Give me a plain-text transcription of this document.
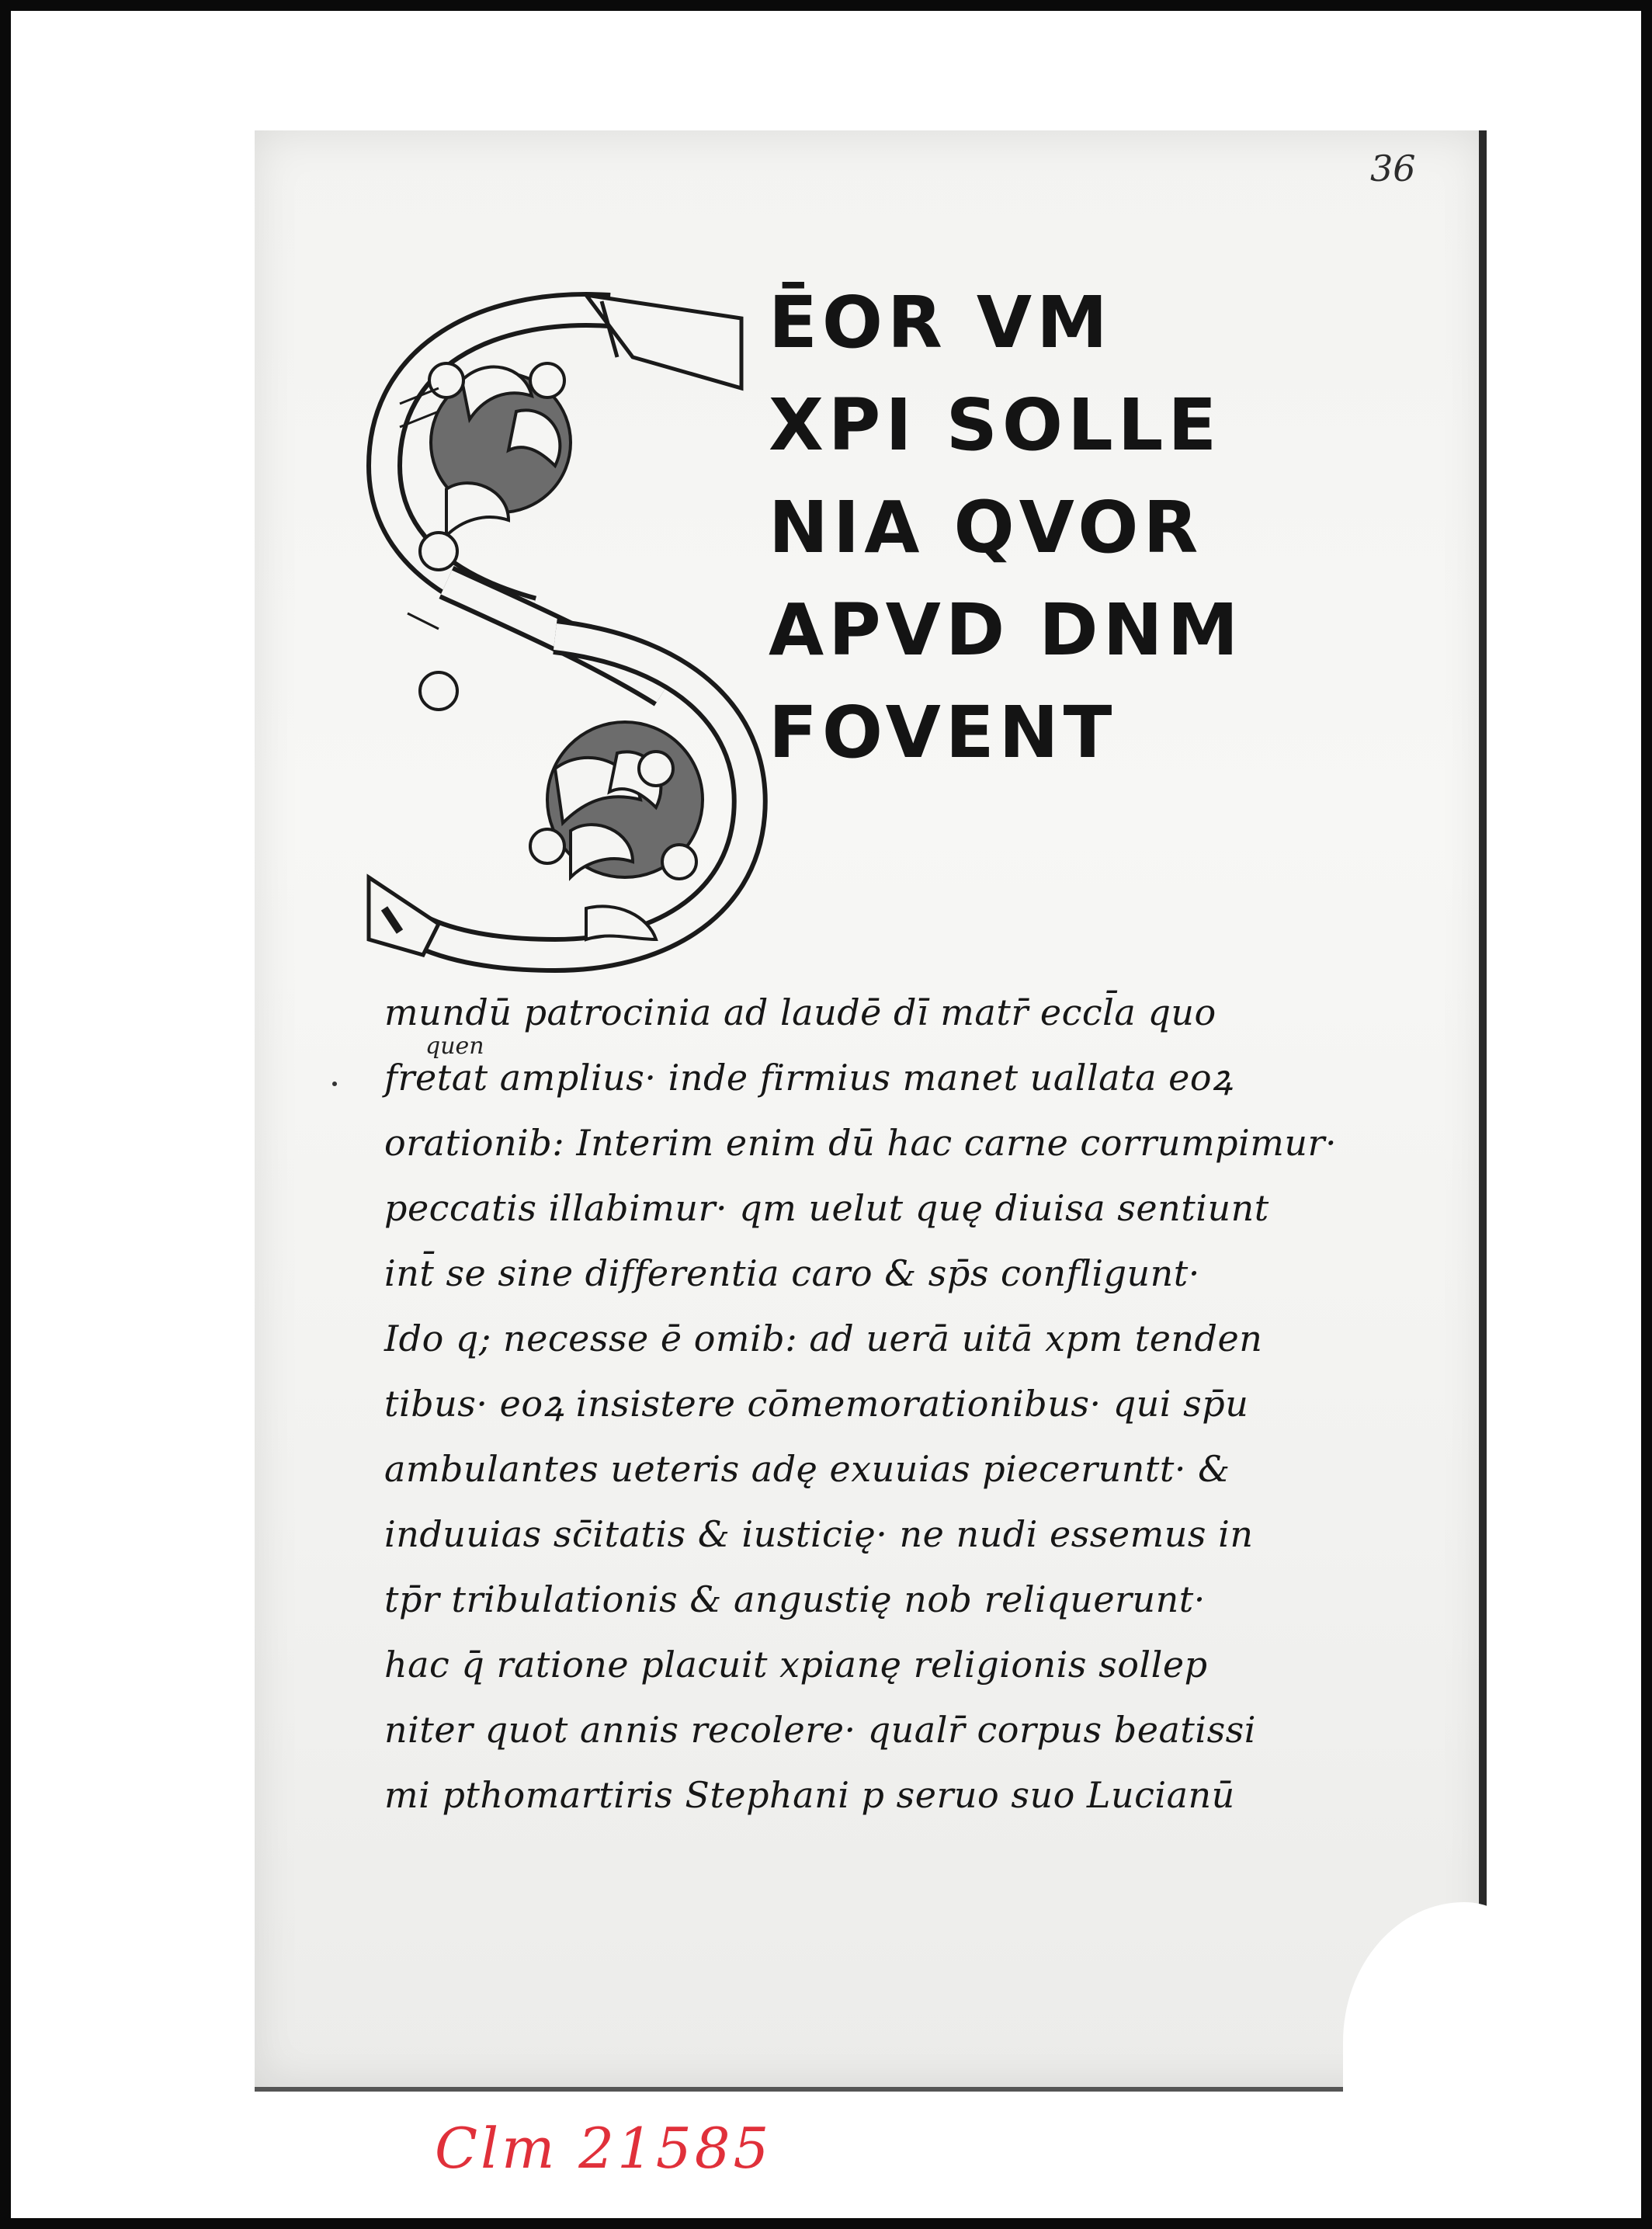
36
ĒOR VM
XPI SOLLE
NIA QVOR
APVD DNM
FOVENT
quen
mundū patrocinia ad laudē dī matr̄ eccl̄a quo
fretat amplius· inde firmius manet uallata eoꝝ
orationib: Interim enim dū hac carne corrumpimur·
peccatis illabimur· qm uelut quę diuisa sentiunt
int̄ se sine differentia caro & sp̄s confligunt·
Ido q; necesse ē omib: ad uerā uitā xpm tenden
tibus· eoꝝ insistere cōmemorationibus· qui sp̄u
ambulantes ueteris adę exuuias pieceruntt· &
induuias sc̄itatis & iusticię· ne nudi essemus in
tp̄r tribulationis & angustię nob reliquerunt·
hac q̄ ratione placuit xpianę religionis sollep
niter quot annis recolere· qualr̄ corpus beatissi
mi pthomartiris Stephani p seruo suo Lucianū
Clm 21585
